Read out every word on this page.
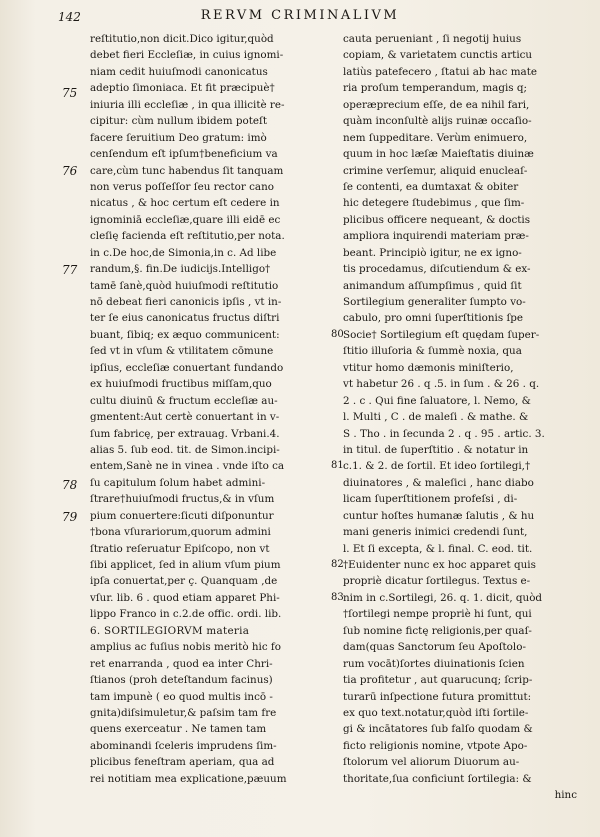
142	RERVM CRIMINALIVM
75
76
77
78
79
80
81
82
83
reſtitutio,non dicit.Dico igitur,quòd
debet fieri Eccleſiæ, in cuius ignomi-
niam cedit huiuſmodi canonicatus
adeptio ſimoniaca. Et fit præcipuè†
iniuria illi eccleſiæ , in qua illicitè re-
cipitur: cùm nullum ibidem poteſt
facere ſeruitium Deo gratum: imò
cenſendum eſt ipſum†beneficium va
care,cùm tunc habendus ſit tanquam
non verus poſſeſſor ſeu rector cano
nicatus , & hoc certum eſt cedere in
ignominiā eccleſiæ,quare illi eidē ec
cleſię facienda eſt reſtitutio,per nota.
in c.De hoc,de Simonia,in c. Ad libe
randum,§. fin.De iudicijs.Intelligo†
tamē ſanè,quòd huiuſmodi reſtitutio
nō debeat fieri canonicis ipſis , vt in-
ter ſe eius canonicatus fructus diſtri
buant, ſibiq; ex æquo communicent:
ſed vt in vſum & vtilitatem cōmune
ipſius, eccleſiæ conuertant fundando
ex huiuſmodi fructibus miſſam,quo
cultu diuinū & fructum eccleſiæ au-
gmentent:Aut certè conuertant in v-
ſum fabricę, per extrauag. Vrbani.4.
alias 5. ſub eod. tit. de Simon.incipi-
entem,Sanè ne in vinea . vnde iſto ca
ſu capitulum ſolum habet admini-
ſtrare†huiuſmodi fructus,& in vſum
pium conuertere:ſicuti diſponuntur
†bona vſurariorum,quorum admini
ſtratio reſeruatur Epiſcopo, non vt
ſibi applicet, ſed in alium vſum pium
ipſa conuertat,per ç. Quanquam ,de
vſur. lib. 6 . quod etiam apparet Phi-
lippo Franco in c.2.de offic. ordi. lib.
6. SORTILEGIORVM materia
amplius ac fuſius nobis meritò hic fo
ret enarranda , quod ea inter Chri-
ſtianos (proh deteſtandum facinus)
tam impunè ( eo quod multis incō -
gnita)diſsimuletur,& paſsim tam fre
quens exerceatur . Ne tamen tam
abominandi ſceleris imprudens ſim-
plicibus feneſtram aperiam, qua ad
rei notitiam mea explicatione,pæuum
cauta perueniant , ſi negotij huius
copiam, & varietatem cunctis articu
latiùs patefecero , ſtatui ab hac mate
ria proſum temperandum, magis q;
operæprecium eſſe, de ea nihil fari,
quàm inconſultè alijs ruinæ occaſio-
nem ſuppeditare. Verùm enimuero,
quum in hoc læſæ Maieſtatis diuinæ
crimine verſemur, aliquid enucleaſ-
ſe contenti, ea dumtaxat & obiter
hic detegere ſtudebimus , que ſim-
plicibus officere nequeant, & doctis
ampliora inquirendi materiam præ-
beant. Principiò igitur, ne ex igno-
tis procedamus, diſcutiendum & ex-
animandum aſſumpſimus , quid ſit
Sortilegium generaliter ſumpto vo-
cabulo, pro omni ſuperſtitionis ſpe
Socie† Sortilegium eſt quędam ſuper-
ſtitio illuſoria & ſummè noxia, qua
vtitur homo dæmonis miniſterio,
vt habetur 26 . q .5. in ſum . & 26 . q.
2 . c . Qui fine ſaluatore, l. Nemo, &
l. Multi , C . de maleſi . & mathe. &
S . Tho . in ſecunda 2 . q . 95 . artic. 3.
in titul. de ſuperſtitio . & notatur in
c.1. & 2. de ſortil. Et ideo ſortilegi,†
diuinatores , & maleſici , hanc diabo
licam ſuperſtitionem profeſsi , di-
cuntur hoſtes humanæ ſalutis , & hu
mani generis inimici credendi ſunt,
l. Et ſi excepta, & l. final. C. eod. tit.
†Euidenter nunc ex hoc apparet quis
propriè dicatur ſortilegus. Textus e-
nim in c.Sortilegi, 26. q. 1. dicit, quòd
†ſortilegi nempe propriè hi ſunt, qui
ſub nomine fictę religionis,per quaſ-
dam(quas Sanctorum ſeu Apoſtolo-
rum vocāt)ſortes diuinationis ſcien
tia profitetur , aut quarucunq; ſcrip-
turarū inſpectione futura promittut:
ex quo text.notatur,quòd iſti ſortile-
gi & incātatores ſub falſo quodam &
ficto religionis nomine, vtpote Apo-
ſtolorum vel aliorum Diuorum au-
thoritate,ſua conficiunt ſortilegia: &
hinc
